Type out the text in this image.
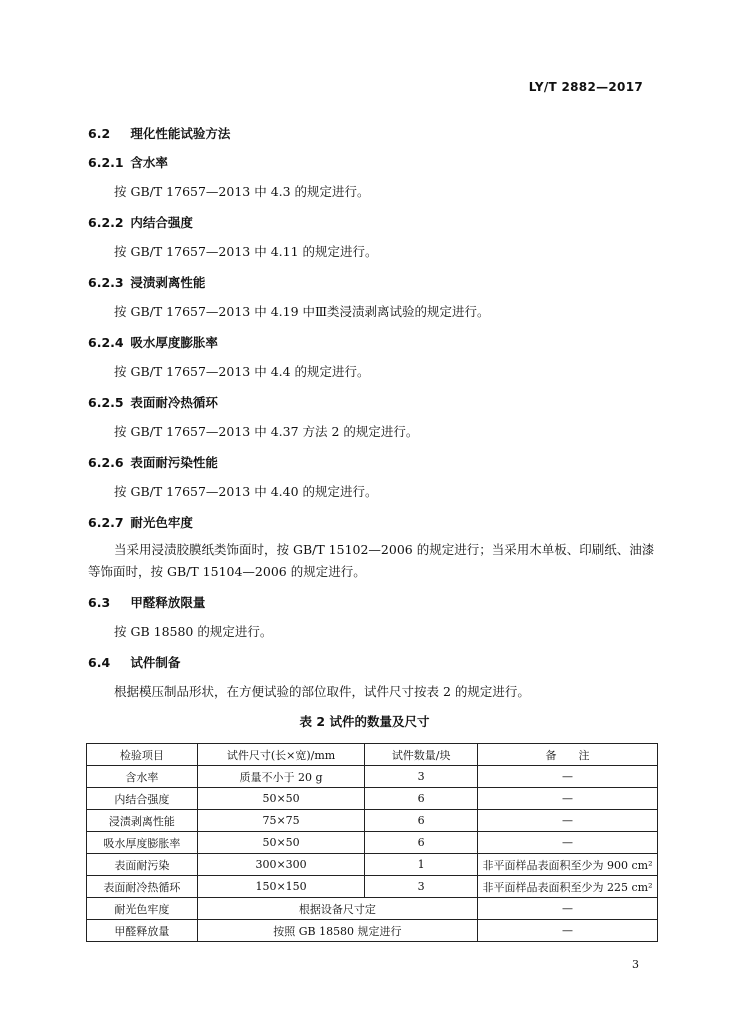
LY/T 2882—2017
6.2 理化性能试验方法
6.2.1 含水率
按 GB/T 17657—2013 中 4.3 的规定进行。
6.2.2 内结合强度
按 GB/T 17657—2013 中 4.11 的规定进行。
6.2.3 浸渍剥离性能
按 GB/T 17657—2013 中 4.19 中Ⅲ类浸渍剥离试验的规定进行。
6.2.4 吸水厚度膨胀率
按 GB/T 17657—2013 中 4.4 的规定进行。
6.2.5 表面耐冷热循环
按 GB/T 17657—2013 中 4.37 方法 2 的规定进行。
6.2.6 表面耐污染性能
按 GB/T 17657—2013 中 4.40 的规定进行。
6.2.7 耐光色牢度
当采用浸渍胶膜纸类饰面时，按 GB/T 15102—2006 的规定进行；当采用木单板、印刷纸、油漆等饰面时，按 GB/T 15104—2006 的规定进行。
6.3 甲醛释放限量
按 GB 18580 的规定进行。
6.4 试件制备
根据模压制品形状，在方便试验的部位取件，试件尺寸按表 2 的规定进行。
表 2 试件的数量及尺寸
检验项目	试件尺寸(长×宽)/mm	试件数量/块	备　　注
含水率	质量不小于 20 g	3	—
内结合强度	50×50	6	—
浸渍剥离性能	75×75	6	—
吸水厚度膨胀率	50×50	6	—
表面耐污染	300×300	1	非平面样品表面积至少为 900 cm²
表面耐冷热循环	150×150	3	非平面样品表面积至少为 225 cm²
耐光色牢度	根据设备尺寸定		—
甲醛释放量	按照 GB 18580 规定进行		—
3
